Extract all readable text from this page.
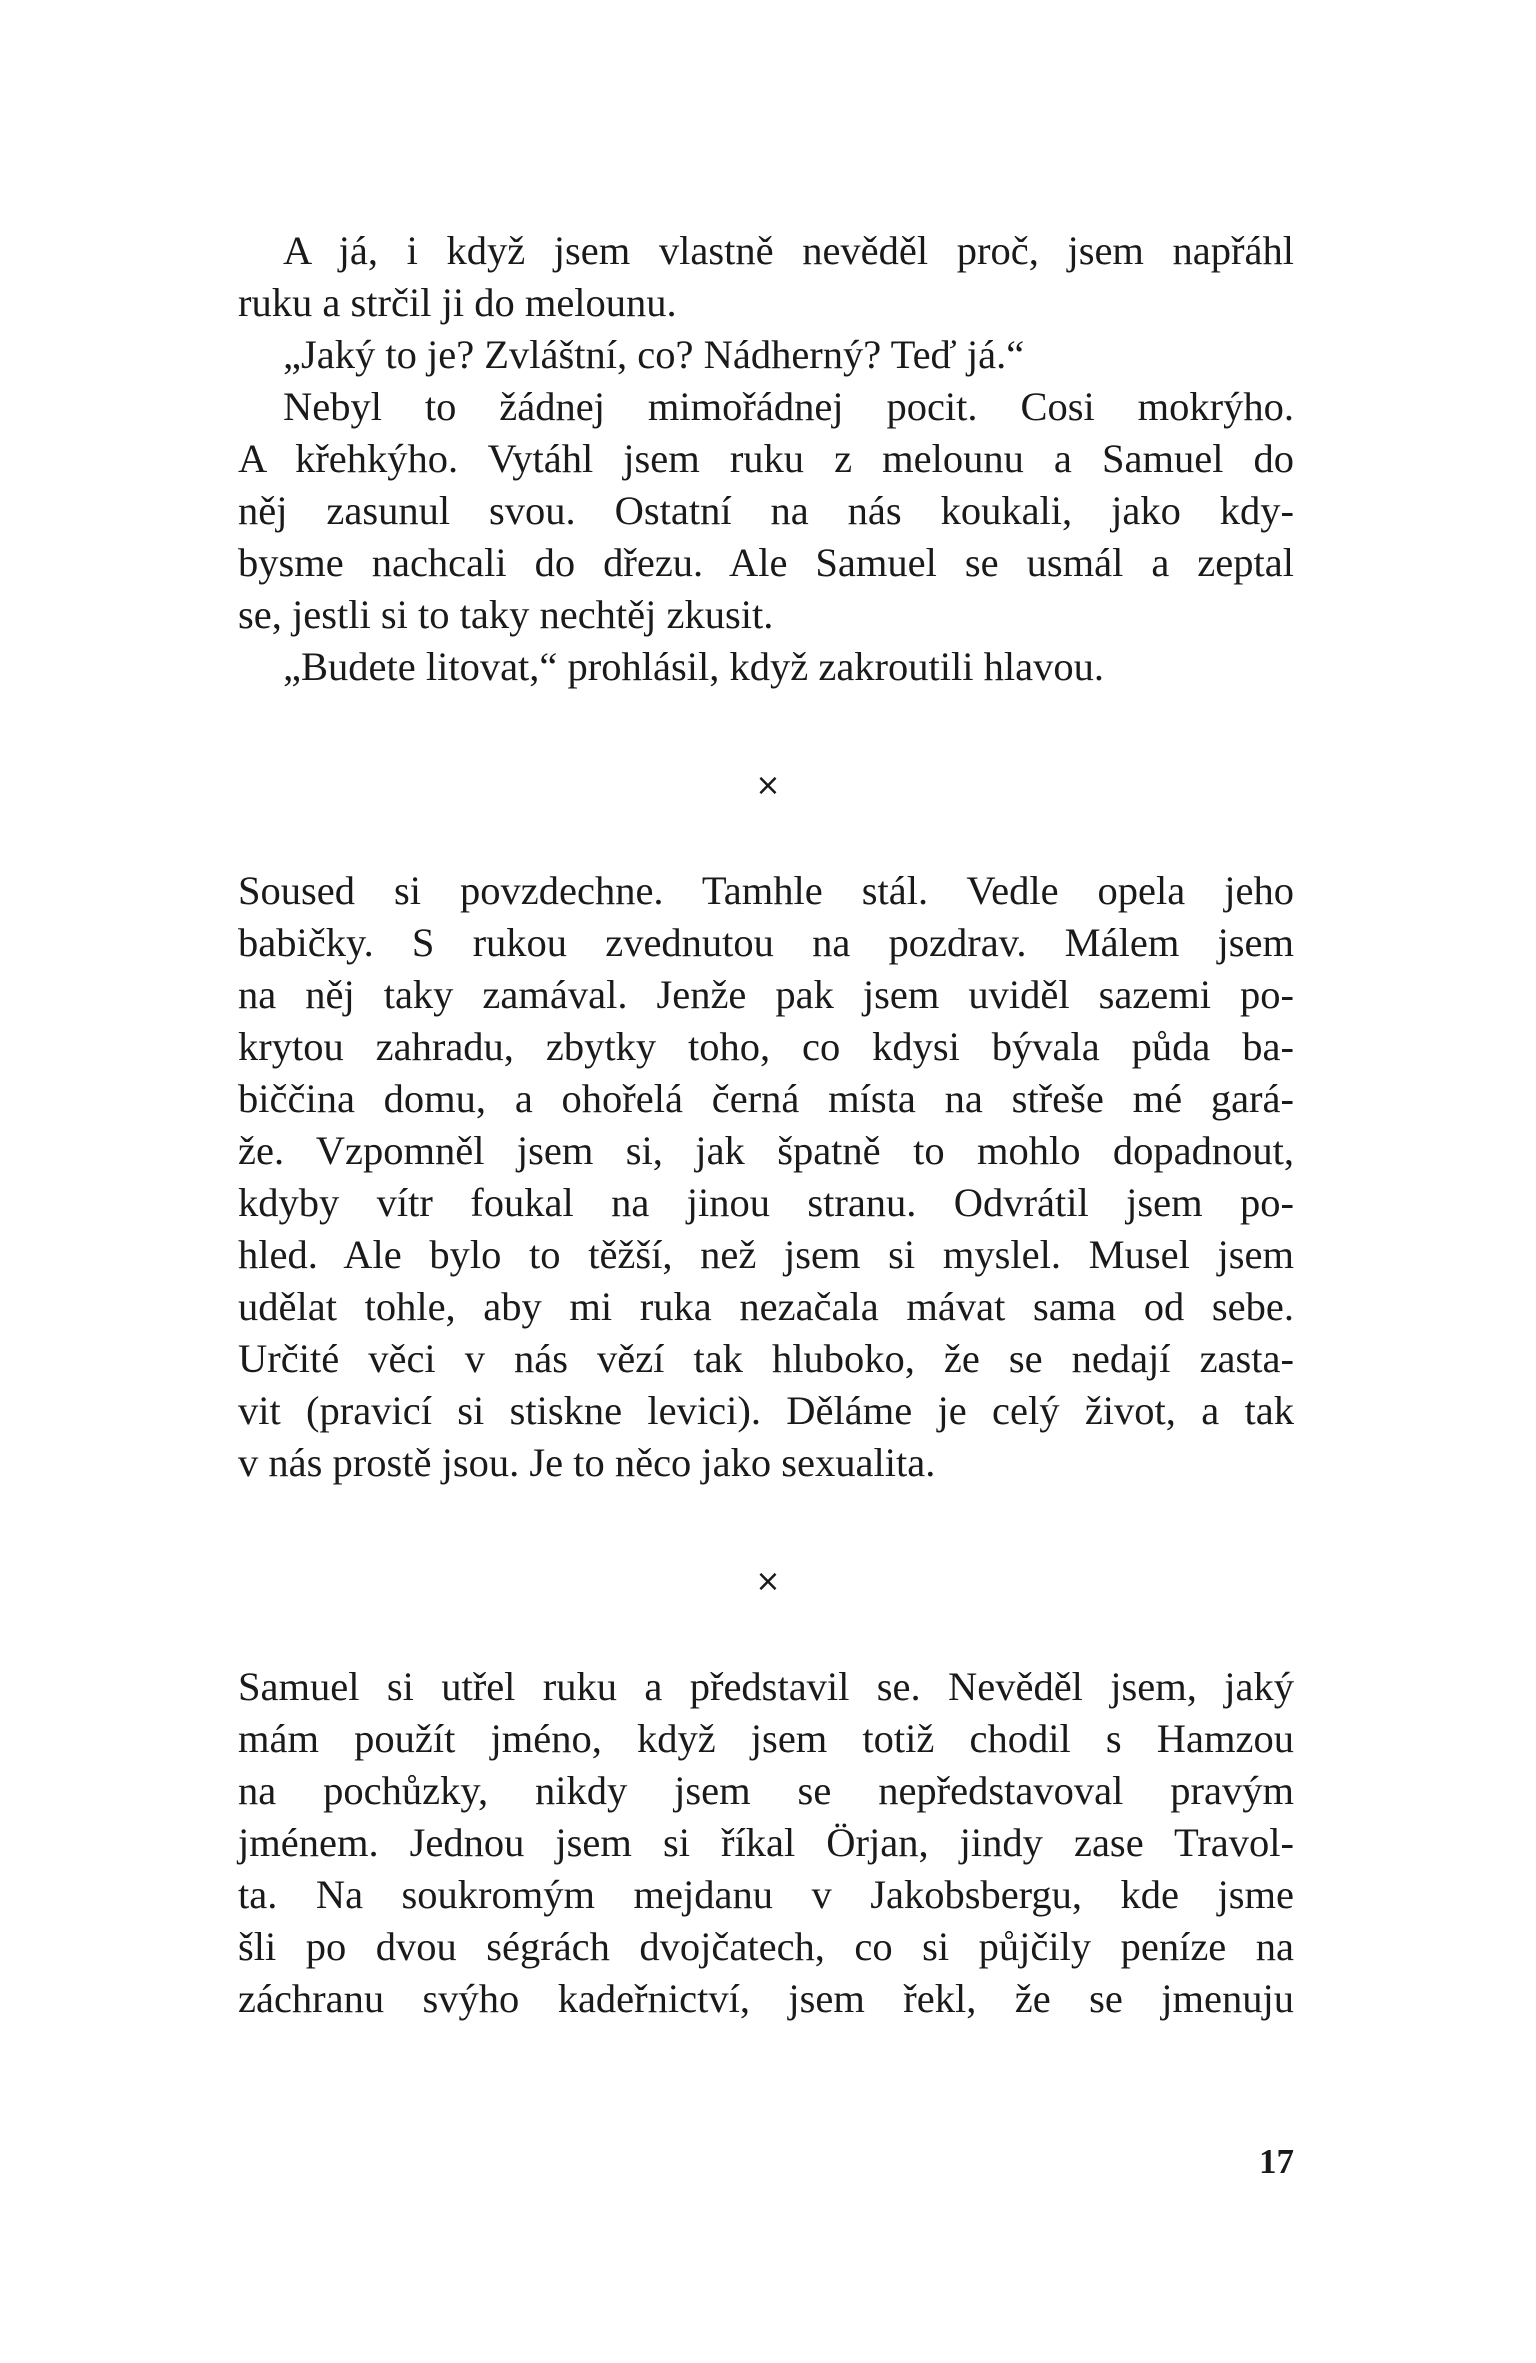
A já, i když jsem vlastně nevěděl proč, jsem napřáhl
ruku a strčil ji do melounu.
„Jaký to je? Zvláštní, co? Nádherný? Teď já.“
Nebyl to žádnej mimořádnej pocit. Cosi mokrýho.
A křehkýho. Vytáhl jsem ruku z melounu a Samuel do
něj zasunul svou. Ostatní na nás koukali, jako kdy-
bysme nachcali do dřezu. Ale Samuel se usmál a zeptal
se, jestli si to taky nechtěj zkusit.
„Budete litovat,“ prohlásil, když zakroutili hlavou.
×
Soused si povzdechne. Tamhle stál. Vedle opela jeho
babičky. S rukou zvednutou na pozdrav. Málem jsem
na něj taky zamával. Jenže pak jsem uviděl sazemi po-
krytou zahradu, zbytky toho, co kdysi bývala půda ba-
biččina domu, a ohořelá černá místa na střeše mé gará-
že. Vzpomněl jsem si, jak špatně to mohlo dopadnout,
kdyby vítr foukal na jinou stranu. Odvrátil jsem po-
hled. Ale bylo to těžší, než jsem si myslel. Musel jsem
udělat tohle, aby mi ruka nezačala mávat sama od sebe.
Určité věci v nás vězí tak hluboko, že se nedají zasta-
vit (pravicí si stiskne levici). Děláme je celý život, a tak
v nás prostě jsou. Je to něco jako sexualita.
×
Samuel si utřel ruku a představil se. Nevěděl jsem, jaký
mám použít jméno, když jsem totiž chodil s Hamzou
na pochůzky, nikdy jsem se nepředstavoval pravým
jménem. Jednou jsem si říkal Örjan, jindy zase Travol-
ta. Na soukromým mejdanu v Jakobsbergu, kde jsme
šli po dvou ségrách dvojčatech, co si půjčily peníze na
záchranu svýho kadeřnictví, jsem řekl, že se jmenuju
17
